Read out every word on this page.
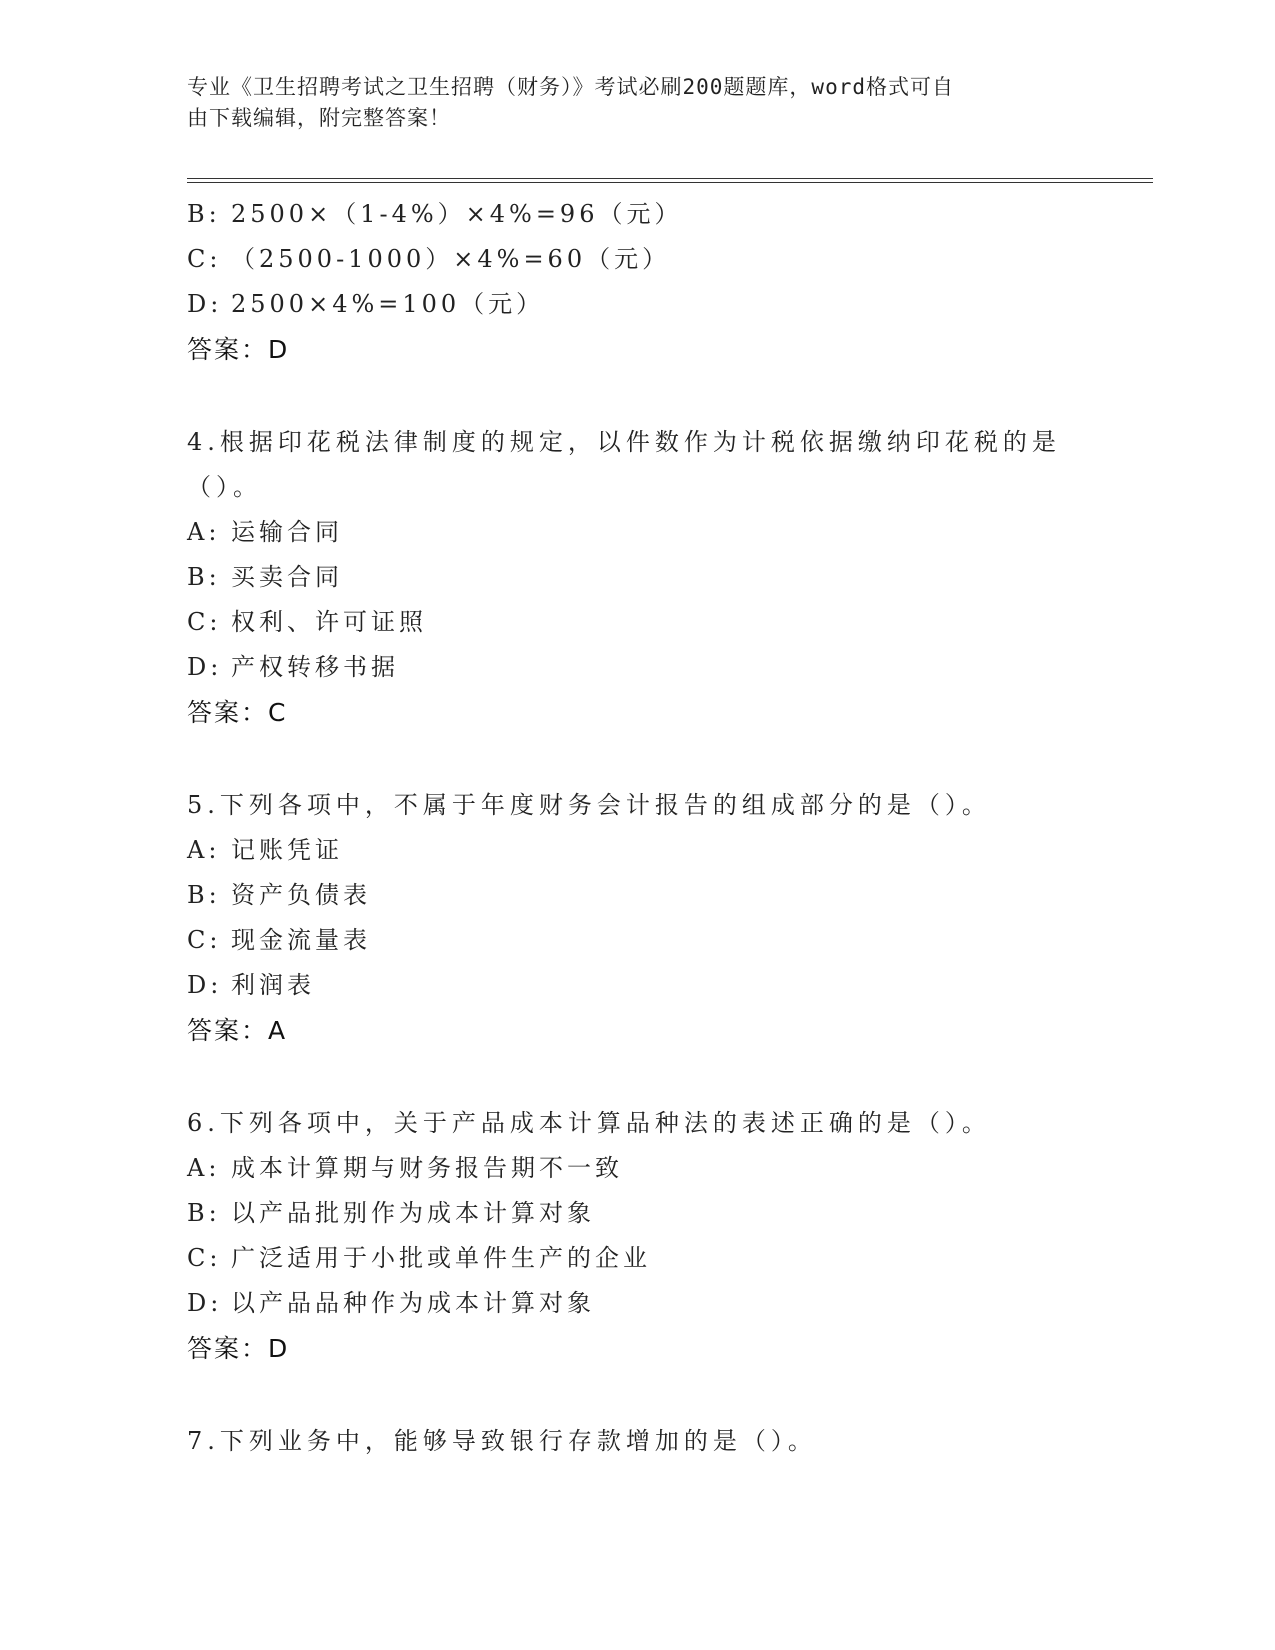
专业《卫生招聘考试之卫生招聘（财务）》考试必刷200题题库，word格式可自
由下载编辑，附完整答案！
B: 2500×（1-4%）×4%=96（元）
C: （2500-1000）×4%=60（元）
D: 2500×4%=100（元）
答案：D
4.根据印花税法律制度的规定，以件数作为计税依据缴纳印花税的是
（）。
A: 运输合同
B: 买卖合同
C: 权利、许可证照
D: 产权转移书据
答案：C
5.下列各项中，不属于年度财务会计报告的组成部分的是（）。
A: 记账凭证
B: 资产负债表
C: 现金流量表
D: 利润表
答案：A
6.下列各项中，关于产品成本计算品种法的表述正确的是（）。
A: 成本计算期与财务报告期不一致
B: 以产品批别作为成本计算对象
C: 广泛适用于小批或单件生产的企业
D: 以产品品种作为成本计算对象
答案：D
7.下列业务中，能够导致银行存款增加的是（）。
